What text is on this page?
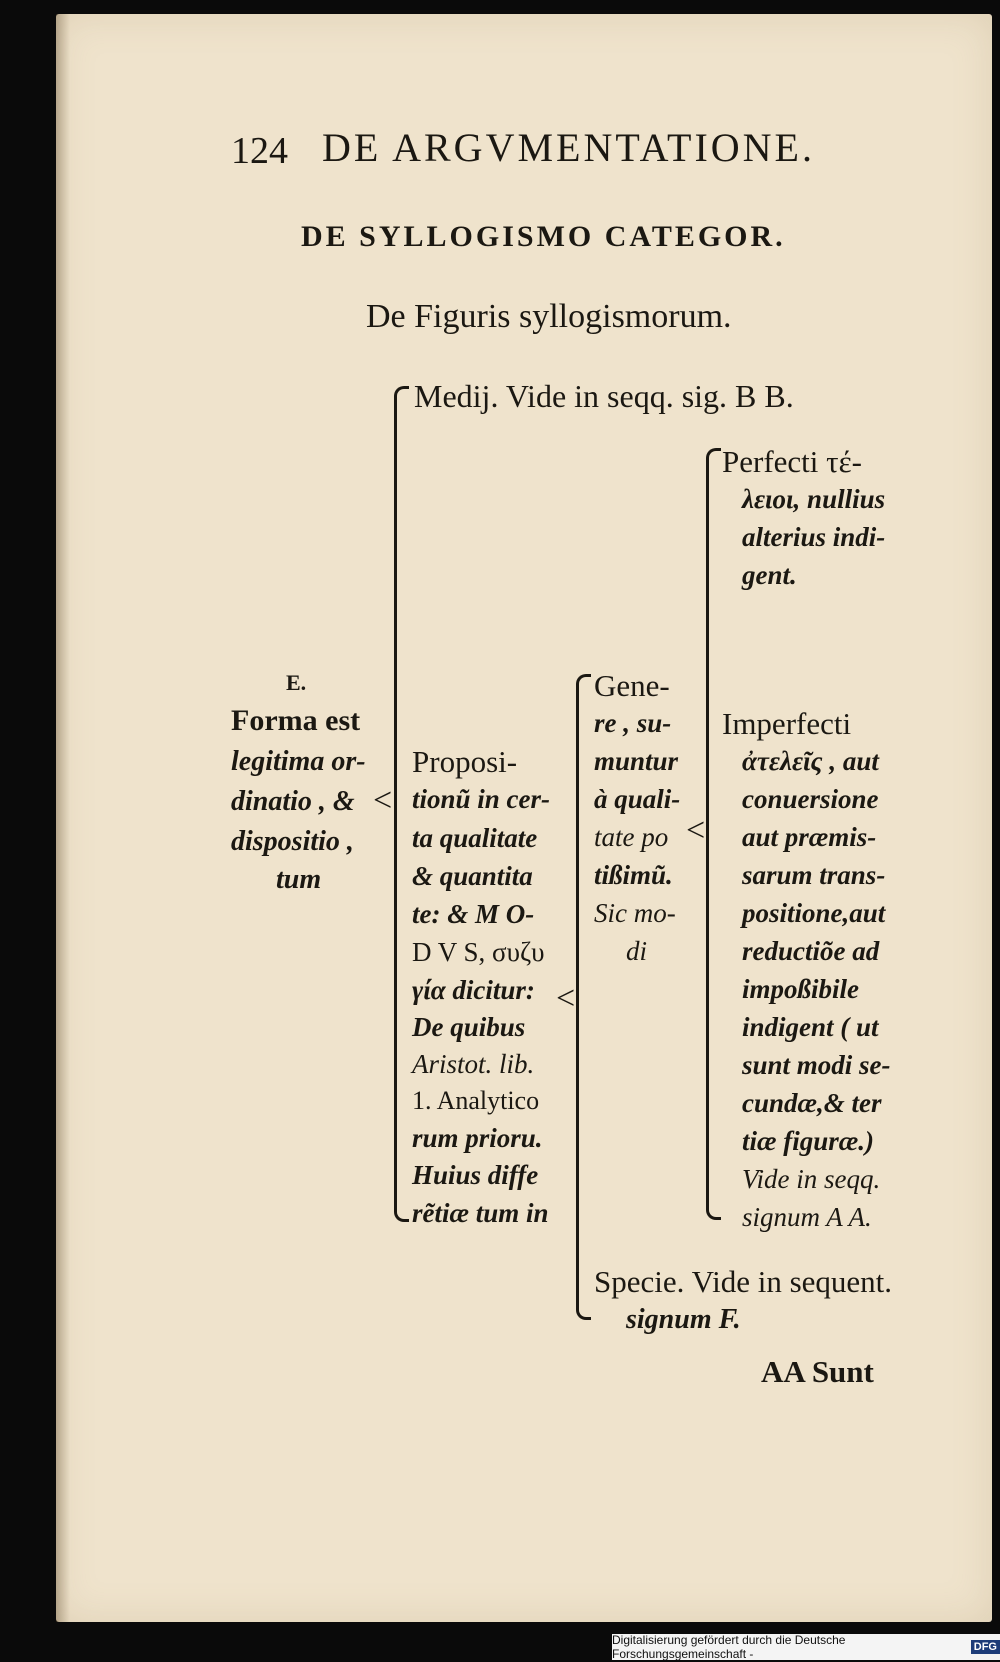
124 DE ARGVMENTATIONE.
DE SYLLOGISMO CATEGOR.
De Figuris syllogismorum.
E.
Forma est
legitima or-
dinatio , &
dispositio ,
tum
<
Medij. Vide in seqq. sig. B B.
Proposi-
tionũ in cer-
ta qualitate
& quantita
te: & M O-
D V S, συζυ
γία dicitur:
De quibus
Aristot. lib.
1. Analytico
rum prioru.
Huius diffe
rẽtiæ tum in
<
Gene-
re , su-
muntur
à quali-
tate po
tißimũ.
Sic mo-
di
<
Perfecti τέ-
λειοι, nullius
alterius indi-
gent.
Imperfecti
ἀτελεῖς , aut
conuersione
aut præmis-
sarum trans-
positione,aut
reductiõe ad
impoßibile
indigent ( ut
sunt modi se-
cundæ,& ter
tiæ figuræ.)
Vide in seqq.
signum A A.
Specie. Vide in sequent.
signum F.
AA Sunt
Digitalisierung gefördert durch die Deutsche Forschungsgemeinschaft -	DFG
